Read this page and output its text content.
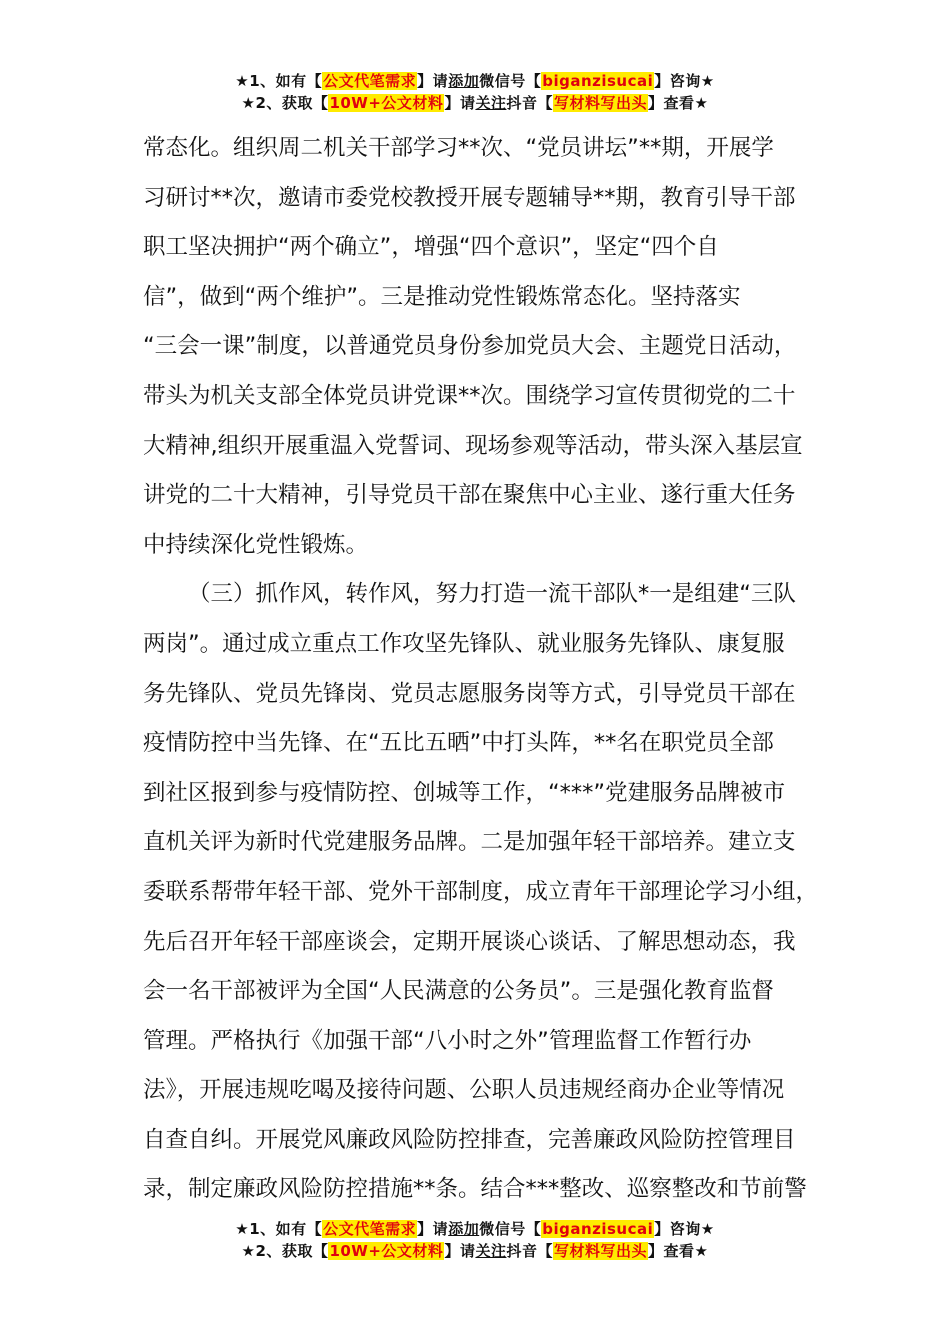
★1、如有【公文代笔需求】请添加微信号【biganzisucai】咨询★
★2、获取【10W+公文材料】请关注抖音【写材料写出头】查看★
常态化。组织周二机关干部学习**次、“党员讲坛”**期，开展学
习研讨**次，邀请市委党校教授开展专题辅导**期，教育引导干部
职工坚决拥护“两个确立”，增强“四个意识”，坚定“四个自
信”，做到“两个维护”。三是推动党性锻炼常态化。坚持落实
“三会一课”制度，以普通党员身份参加党员大会、主题党日活动，
带头为机关支部全体党员讲党课**次。围绕学习宣传贯彻党的二十
大精神,组织开展重温入党誓词、现场参观等活动，带头深入基层宣
讲党的二十大精神，引导党员干部在聚焦中心主业、遂行重大任务
中持续深化党性锻炼。
（三）抓作风，转作风，努力打造一流干部队*一是组建“三队
两岗”。通过成立重点工作攻坚先锋队、就业服务先锋队、康复服
务先锋队、党员先锋岗、党员志愿服务岗等方式，引导党员干部在
疫情防控中当先锋、在“五比五晒”中打头阵，**名在职党员全部
到社区报到参与疫情防控、创城等工作，“***”党建服务品牌被市
直机关评为新时代党建服务品牌。二是加强年轻干部培养。建立支
委联系帮带年轻干部、党外干部制度，成立青年干部理论学习小组，
先后召开年轻干部座谈会，定期开展谈心谈话、了解思想动态，我
会一名干部被评为全国“人民满意的公务员”。三是强化教育监督
管理。严格执行《加强干部“八小时之外”管理监督工作暂行办
法》，开展违规吃喝及接待问题、公职人员违规经商办企业等情况
自查自纠。开展党风廉政风险防控排查，完善廉政风险防控管理目
录，制定廉政风险防控措施**条。结合***整改、巡察整改和节前警
★1、如有【公文代笔需求】请添加微信号【biganzisucai】咨询★
★2、获取【10W+公文材料】请关注抖音【写材料写出头】查看★
